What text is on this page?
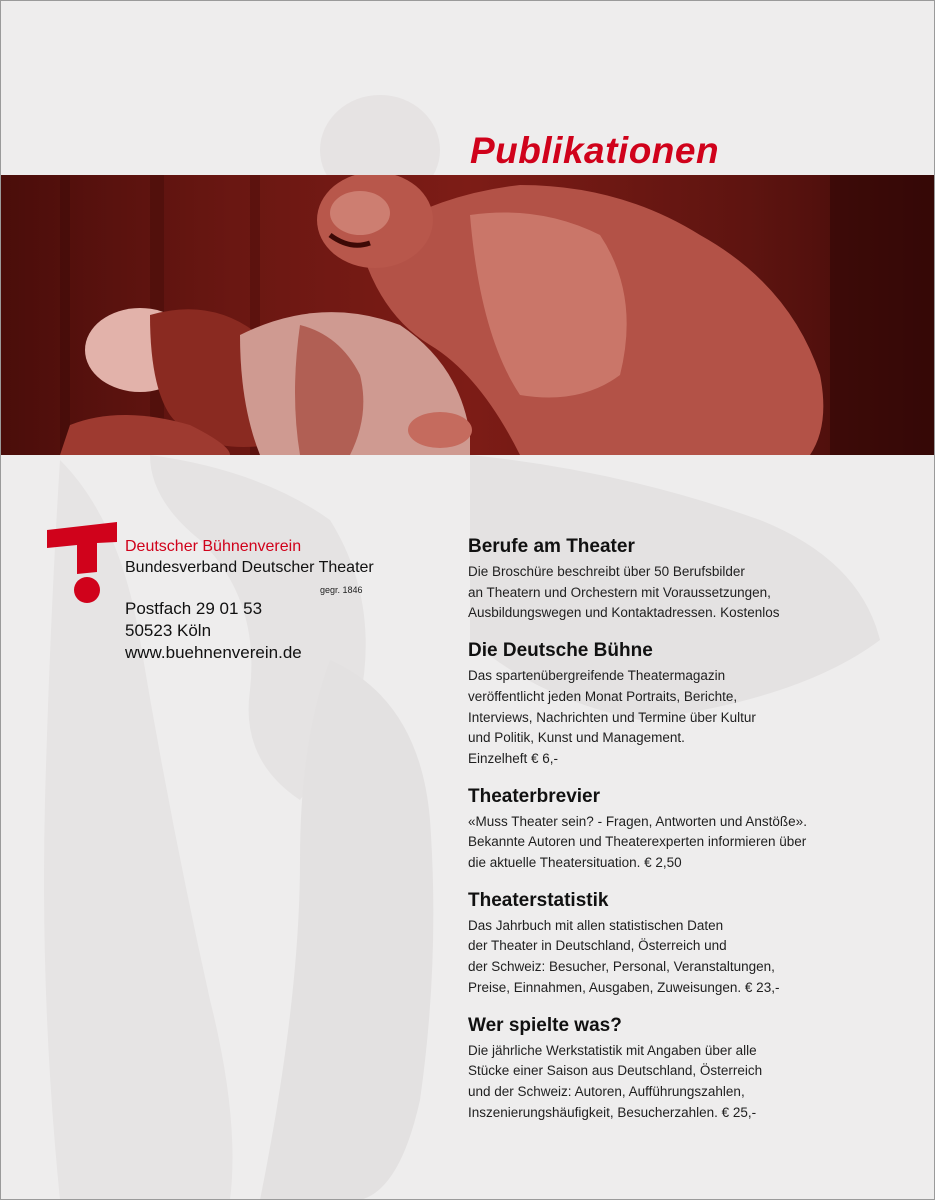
Publikationen
Deutscher Bühnenverein
Bundesverband Deutscher Theater
gegr. 1846
Postfach 29 01 53
50523 Köln
www.buehnenverein.de
Berufe am Theater
Die Broschüre beschreibt über 50 Berufsbilder
an Theatern und Orchestern mit Voraussetzungen,
Ausbildungswegen und Kontaktadressen. Kostenlos
Die Deutsche Bühne
Das spartenübergreifende Theatermagazin
veröffentlicht jeden Monat Portraits, Berichte,
Interviews, Nachrichten und Termine über Kultur
und Politik, Kunst und Management.
Einzelheft € 6,-
Theaterbrevier
«Muss Theater sein? - Fragen, Antworten und Anstöße».
Bekannte Autoren und Theaterexperten informieren über
die aktuelle Theatersituation. € 2,50
Theaterstatistik
Das Jahrbuch mit allen statistischen Daten
der Theater in Deutschland, Österreich und
der Schweiz: Besucher, Personal, Veranstaltungen,
Preise, Einnahmen, Ausgaben, Zuweisungen. € 23,-
Wer spielte was?
Die jährliche Werkstatistik mit Angaben über alle
Stücke einer Saison aus Deutschland, Österreich
und der Schweiz: Autoren, Aufführungszahlen,
Inszenierungshäufigkeit, Besucherzahlen. € 25,-
